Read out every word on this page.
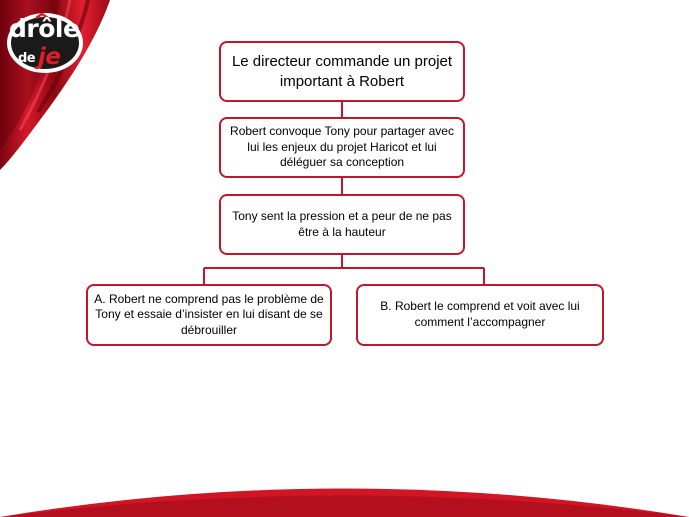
drôle
de je	Le directeur commande un projet important à Robert
Robert convoque Tony pour partager avec lui les enjeux du projet Haricot et lui déléguer sa conception
Tony sent la pression et a peur de ne pas être à la hauteur
A. Robert ne comprend pas le problème de Tony et essaie d’insister en lui disant de se débrouiller
B. Robert le comprend et voit avec lui comment l’accompagner
